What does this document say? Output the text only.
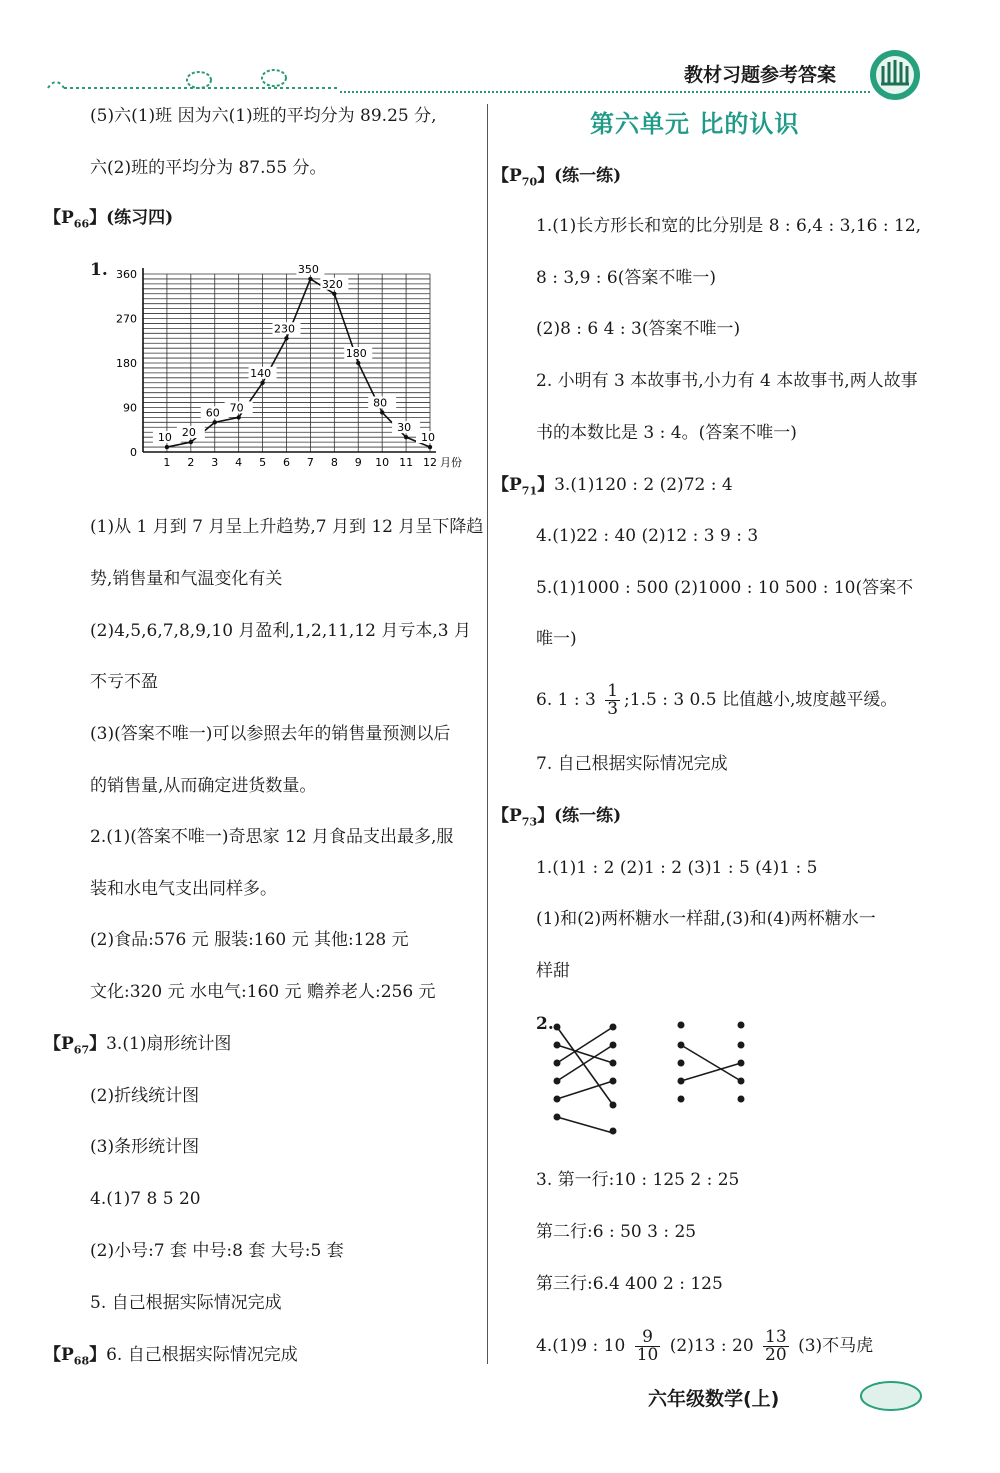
教材习题参考答案
(5)六(1)班 因为六(1)班的平均分为 89.25 分,
六(2)班的平均分为 87.55 分。
【$P_{66}$】(练习四)
1.
0
90
180
270
360
1 2 3 4 5 6 7 8 9 10 11 12 月份
10 20
60 70
140
230
350
320
180
80
30
10
(1)从 1 月到 7 月呈上升趋势,7 月到 12 月呈下降趋
势,销售量和气温变化有关
(2)4,5,6,7,8,9,10 月盈利,1,2,11,12 月亏本,3 月
不亏不盈
(3)(答案不唯一)可以参照去年的销售量预测以后
的销售量,从而确定进货数量。
2.(1)(答案不唯一)奇思家 12 月食品支出最多,服
装和水电气支出同样多。
(2)食品:576 元 服装:160 元 其他:128 元
文化:320 元 水电气:160 元 赡养老人:256 元
【$P_{67}$】3.(1)扇形统计图
(2)折线统计图
(3)条形统计图
4.(1)7 8 5 20
(2)小号:7 套 中号:8 套 大号:5 套
5. 自己根据实际情况完成
【$P_{68}$】6. 自己根据实际情况完成
第六单元 比的认识
【$P_{70}$】(练一练)
1.(1)长方形长和宽的比分别是 8 : 6,4 : 3,16 : 12,
8 : 3,9 : 6(答案不唯一)
(2)8 : 6 4 : 3(答案不唯一)
2. 小明有 3 本故事书,小力有 4 本故事书,两人故事
书的本数比是 3 : 4。(答案不唯一)
【$P_{71}$】3.(1)120 : 2 (2)72 : 4
4.(1)22 : 40 (2)12 : 3 9 : 3
5.(1)1000 : 500 (2)1000 : 10 500 : 10(答案不
唯一)
6. 1 : $3 \frac{1}{3}$ ;1.5 : 3 0.5 比值越小,坡度越平缓。
7. 自己根据实际情况完成
【$P_{73}$】(练一练)
1.(1)1 : 2 (2)1 : 2 (3)1 : 5 (4)1 : 5
(1)和(2)两杯糖水一样甜,(3)和(4)两杯糖水一
样甜
2.
3. 第一行:10 : 125 2 : 25
第二行:6 : 50 3 : 25
第三行:6.4 400 2 : 125
4.(1)9 : $10 \frac{9}{10} (2)13$ : $20 \frac{13}{20} (3)$不马虎
六年级数学(上)
